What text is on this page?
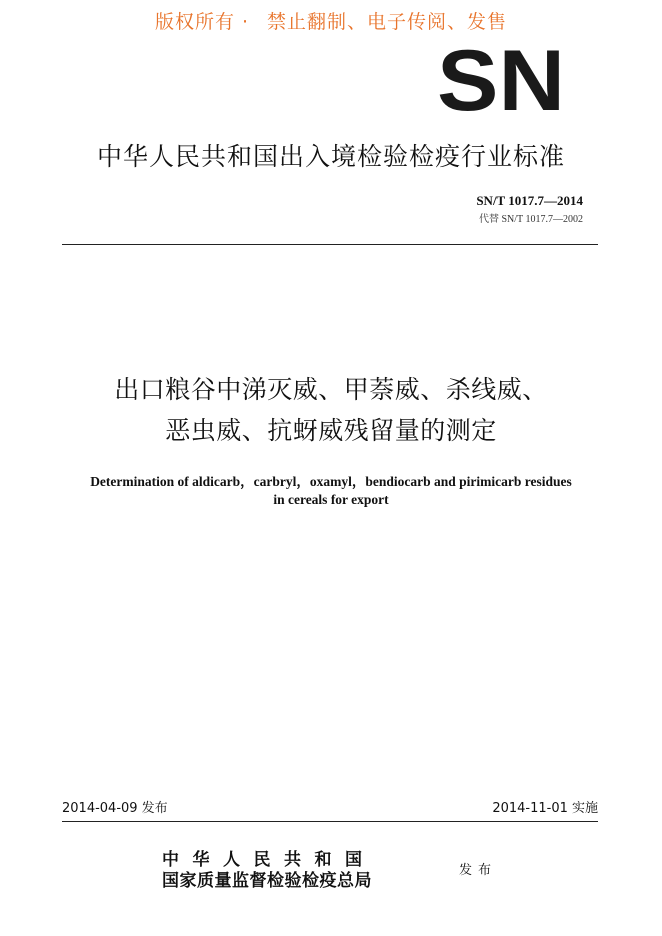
版权所有 · 禁止翻制、电子传阅、发售
SN
中华人民共和国出入境检验检疫行业标准
SN/T 1017.7—2014
代替 SN/T 1017.7—2002
出口粮谷中涕灭威、甲萘威、杀线威、
恶虫威、抗蚜威残留量的测定
Determination of aldicarb，carbryl，oxamyl，bendiocarb and pirimicarb residues
in cereals for export
2014-04-09 发布	2014-11-01 实施
中华人民共和国
国家质量监督检验检疫总局
发布
